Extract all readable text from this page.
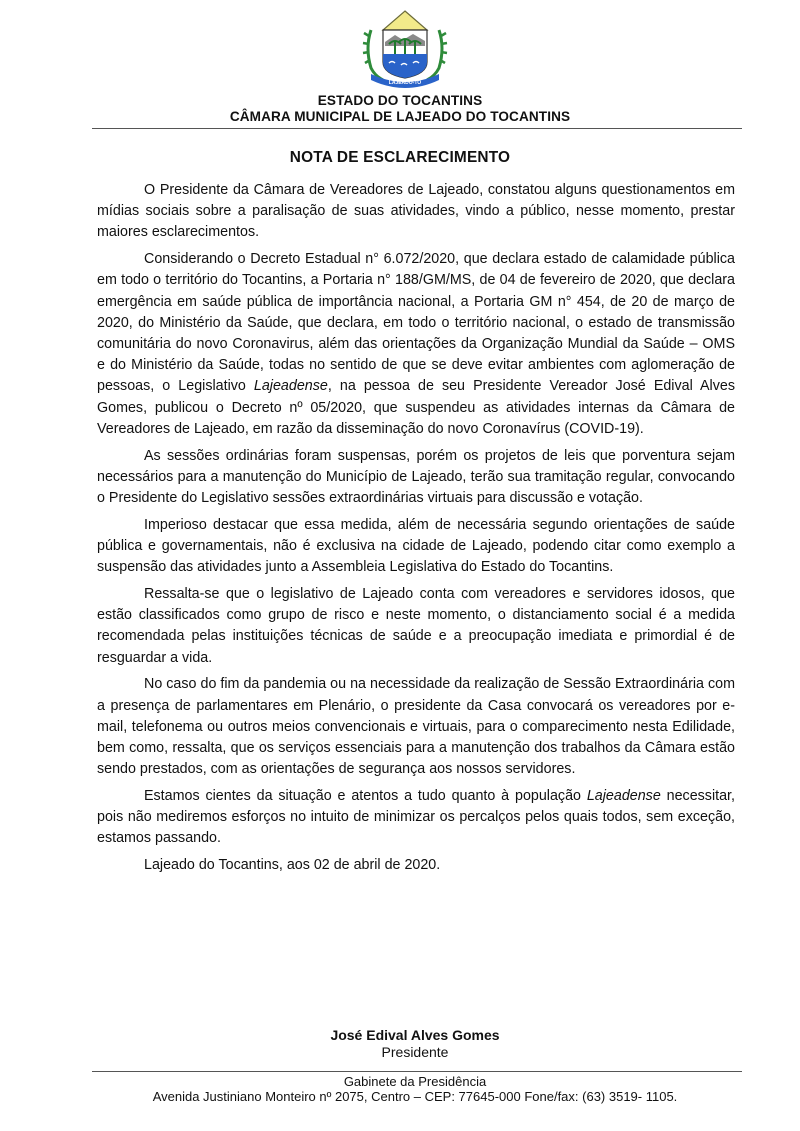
LAJEADO-TO
ESTADO DO TOCANTINS
CÂMARA MUNICIPAL DE LAJEADO DO TOCANTINS
NOTA DE ESCLARECIMENTO

O Presidente da Câmara de Vereadores de Lajeado, constatou alguns questionamentos em mídias sociais sobre a paralisação de suas atividades, vindo a público, nesse momento, prestar maiores esclarecimentos.

Considerando o Decreto Estadual n° 6.072/2020, que declara estado de calamidade pública em todo o território do Tocantins, a Portaria n° 188/GM/MS, de 04 de fevereiro de 2020, que declara emergência em saúde pública de importância nacional, a Portaria GM n° 454, de 20 de março de 2020, do Ministério da Saúde, que declara, em todo o território nacional, o estado de transmissão comunitária do novo Coronavirus, além das orientações da Organização Mundial da Saúde – OMS e do Ministério da Saúde, todas no sentido de que se deve evitar ambientes com aglomeração de pessoas, o Legislativo Lajeadense, na pessoa de seu Presidente Vereador José Edival Alves Gomes, publicou o Decreto nº 05/2020, que suspendeu as atividades internas da Câmara de Vereadores de Lajeado, em razão da disseminação do novo Coronavírus (COVID-19).

As sessões ordinárias foram suspensas, porém os projetos de leis que porventura sejam necessários para a manutenção do Município de Lajeado, terão sua tramitação regular, convocando o Presidente do Legislativo sessões extraordinárias virtuais para discussão e votação.

Imperioso destacar que essa medida, além de necessária segundo orientações de saúde pública e governamentais, não é exclusiva na cidade de Lajeado, podendo citar como exemplo a suspensão das atividades junto a Assembleia Legislativa do Estado do Tocantins.

Ressalta-se que o legislativo de Lajeado conta com vereadores e servidores idosos, que estão classificados como grupo de risco e neste momento, o distanciamento social é a medida recomendada pelas instituições técnicas de saúde e a preocupação imediata e primordial é de resguardar a vida.

No caso do fim da pandemia ou na necessidade da realização de Sessão Extraordinária com a presença de parlamentares em Plenário, o presidente da Casa convocará os vereadores por e-mail, telefonema ou outros meios convencionais e virtuais, para o comparecimento nesta Edilidade, bem como, ressalta, que os serviços essenciais para a manutenção dos trabalhos da Câmara estão sendo prestados, com as orientações de segurança aos nossos servidores.

Estamos cientes da situação e atentos a tudo quanto à população Lajeadense necessitar, pois não mediremos esforços no intuito de minimizar os percalços pelos quais todos, sem exceção, estamos passando.

Lajeado do Tocantins, aos 02 de abril de 2020.

José Edival Alves Gomes
Presidente
Gabinete da Presidência
Avenida Justiniano Monteiro nº 2075, Centro – CEP: 77645-000 Fone/fax: (63) 3519- 1105.
